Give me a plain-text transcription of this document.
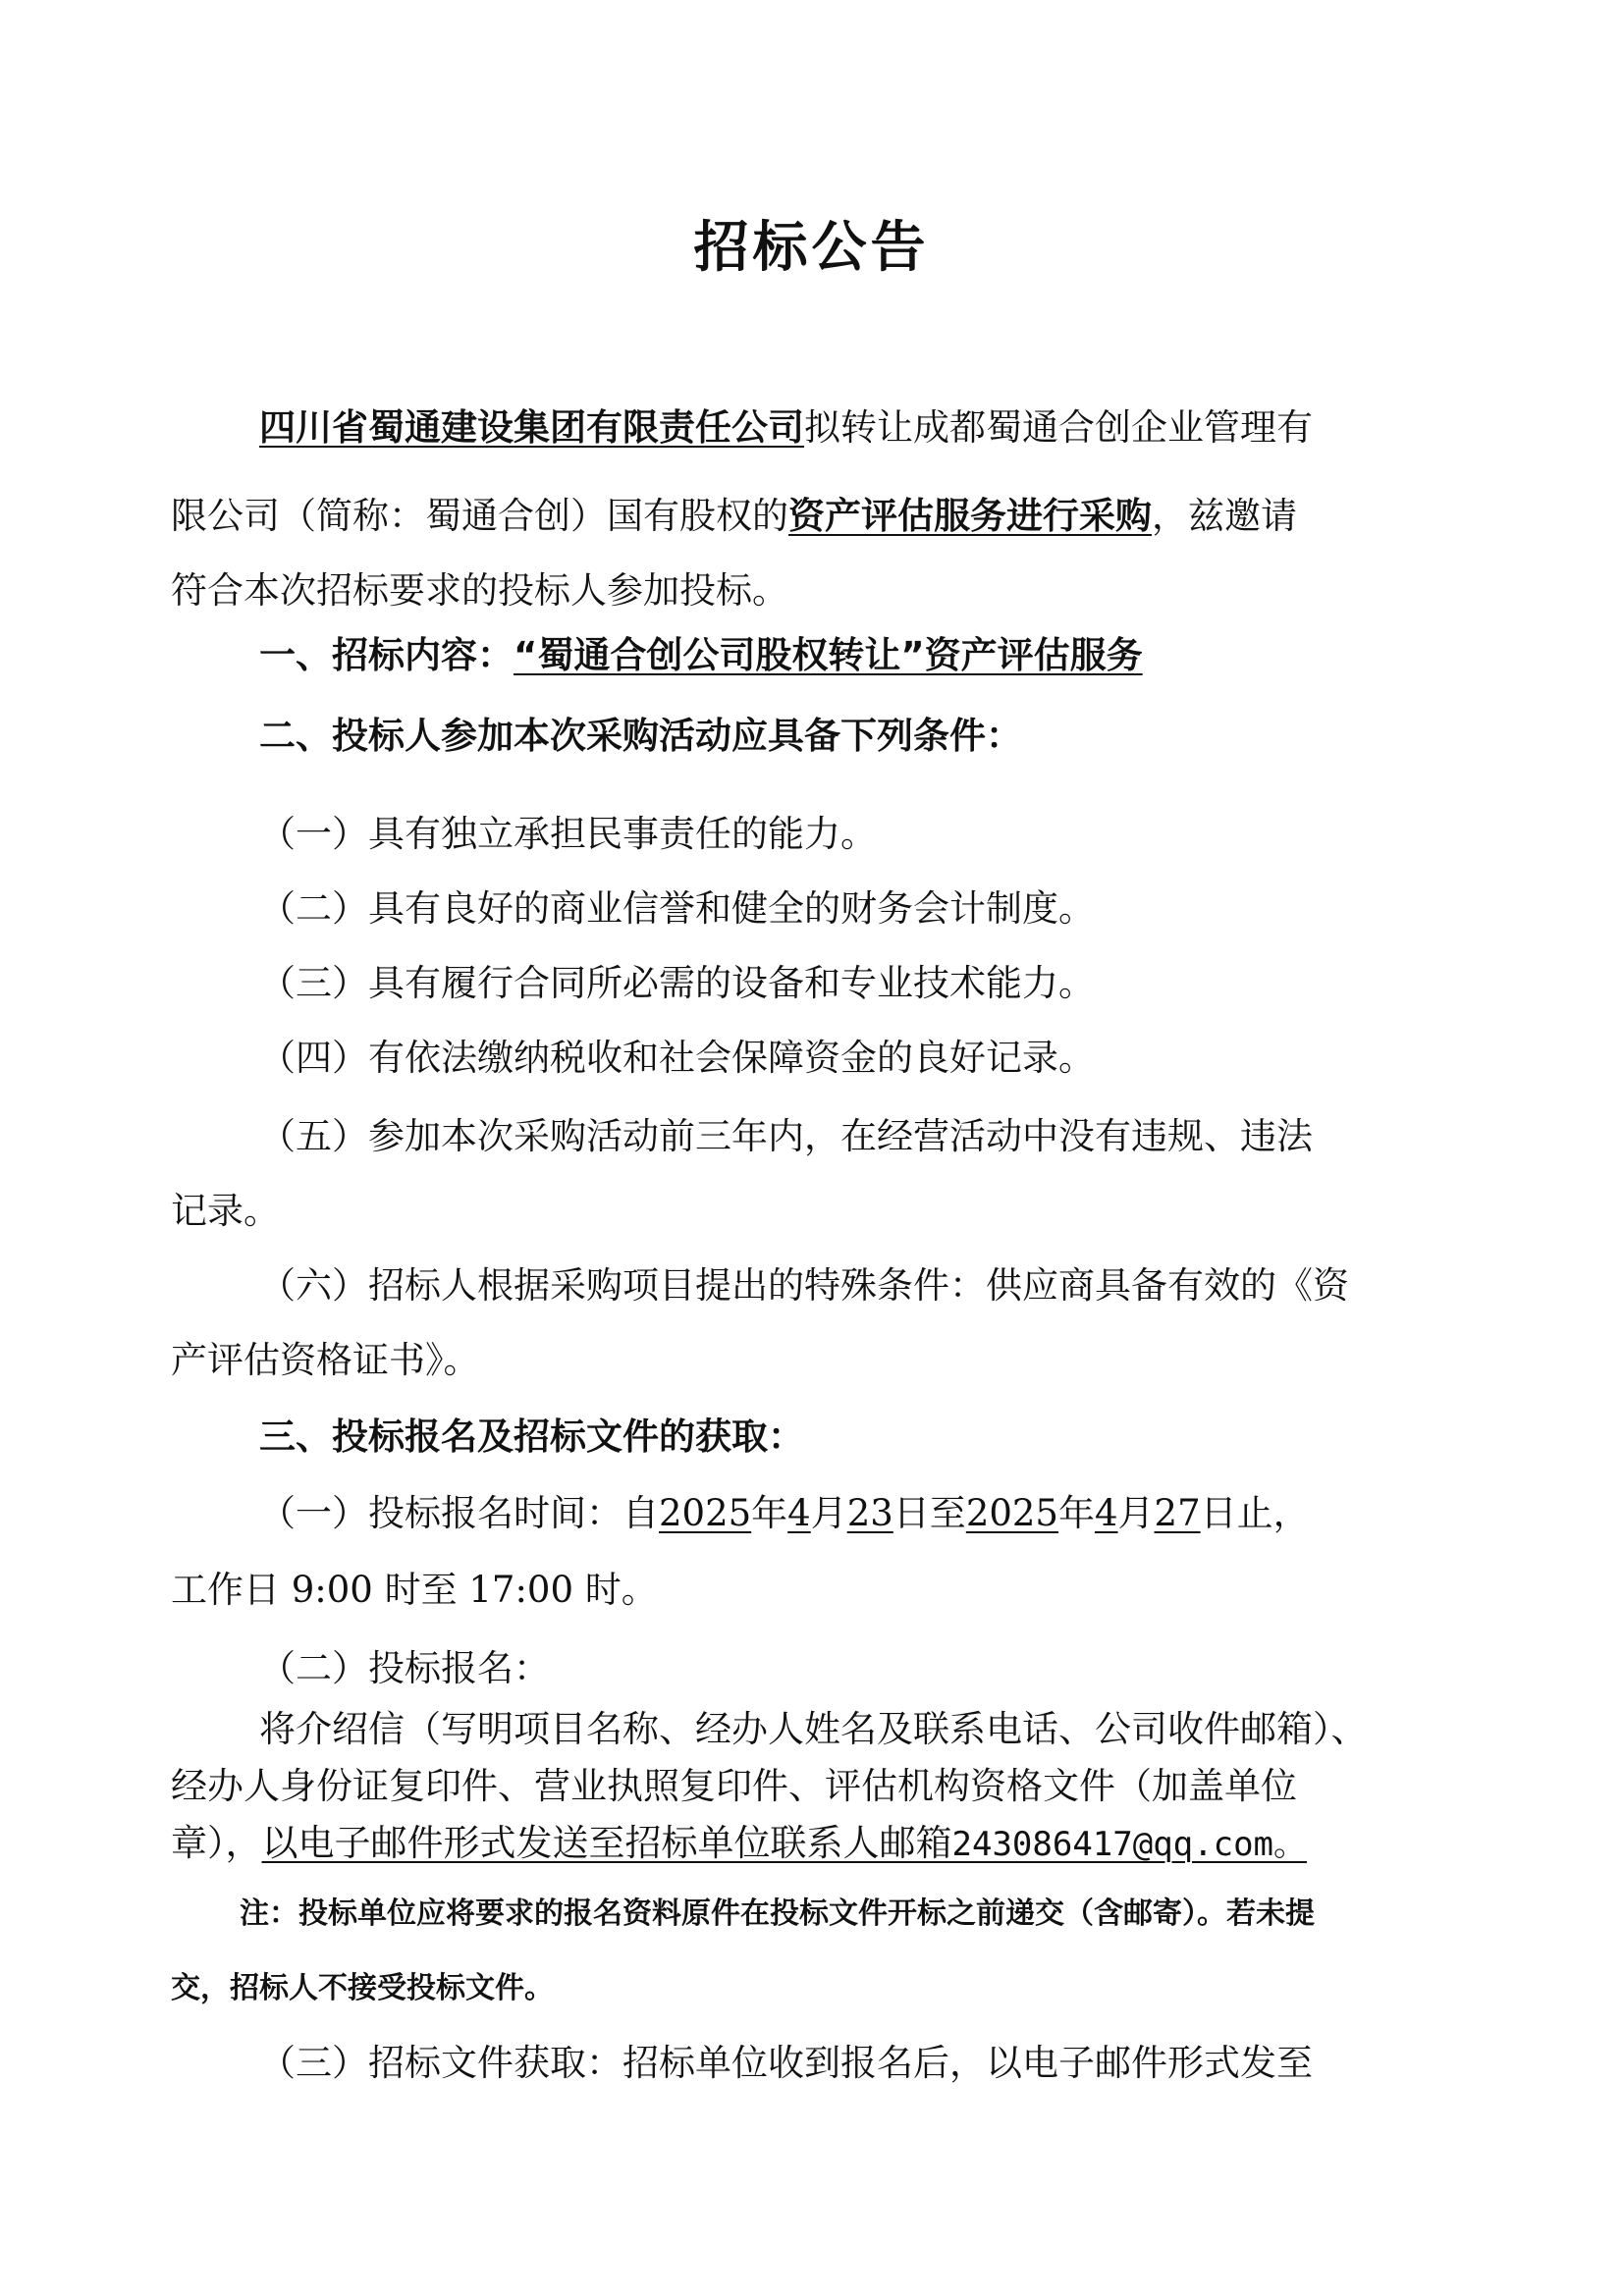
招标公告
四川省蜀通建设集团有限责任公司拟转让成都蜀通合创企业管理有
限公司（简称：蜀通合创）国有股权的资产评估服务进行采购，兹邀请
符合本次招标要求的投标人参加投标。
一、招标内容：“蜀通合创公司股权转让”资产评估服务
二、投标人参加本次采购活动应具备下列条件：
（一）具有独立承担民事责任的能力。
（二）具有良好的商业信誉和健全的财务会计制度。
（三）具有履行合同所必需的设备和专业技术能力。
（四）有依法缴纳税收和社会保障资金的良好记录。
（五）参加本次采购活动前三年内，在经营活动中没有违规、违法
记录。
（六）招标人根据采购项目提出的特殊条件：供应商具备有效的《资
产评估资格证书》。
三、投标报名及招标文件的获取：
（一）投标报名时间：自2025年4月23日至2025年4月27日止，
工作日 9:00 时至 17:00 时。
（二）投标报名：
将介绍信（写明项目名称、经办人姓名及联系电话、公司收件邮箱）、
经办人身份证复印件、营业执照复印件、评估机构资格文件（加盖单位
章），以电子邮件形式发送至招标单位联系人邮箱243086417@qq.com。
注：投标单位应将要求的报名资料原件在投标文件开标之前递交（含邮寄）。若未提
交，招标人不接受投标文件。
（三）招标文件获取：招标单位收到报名后，以电子邮件形式发至
